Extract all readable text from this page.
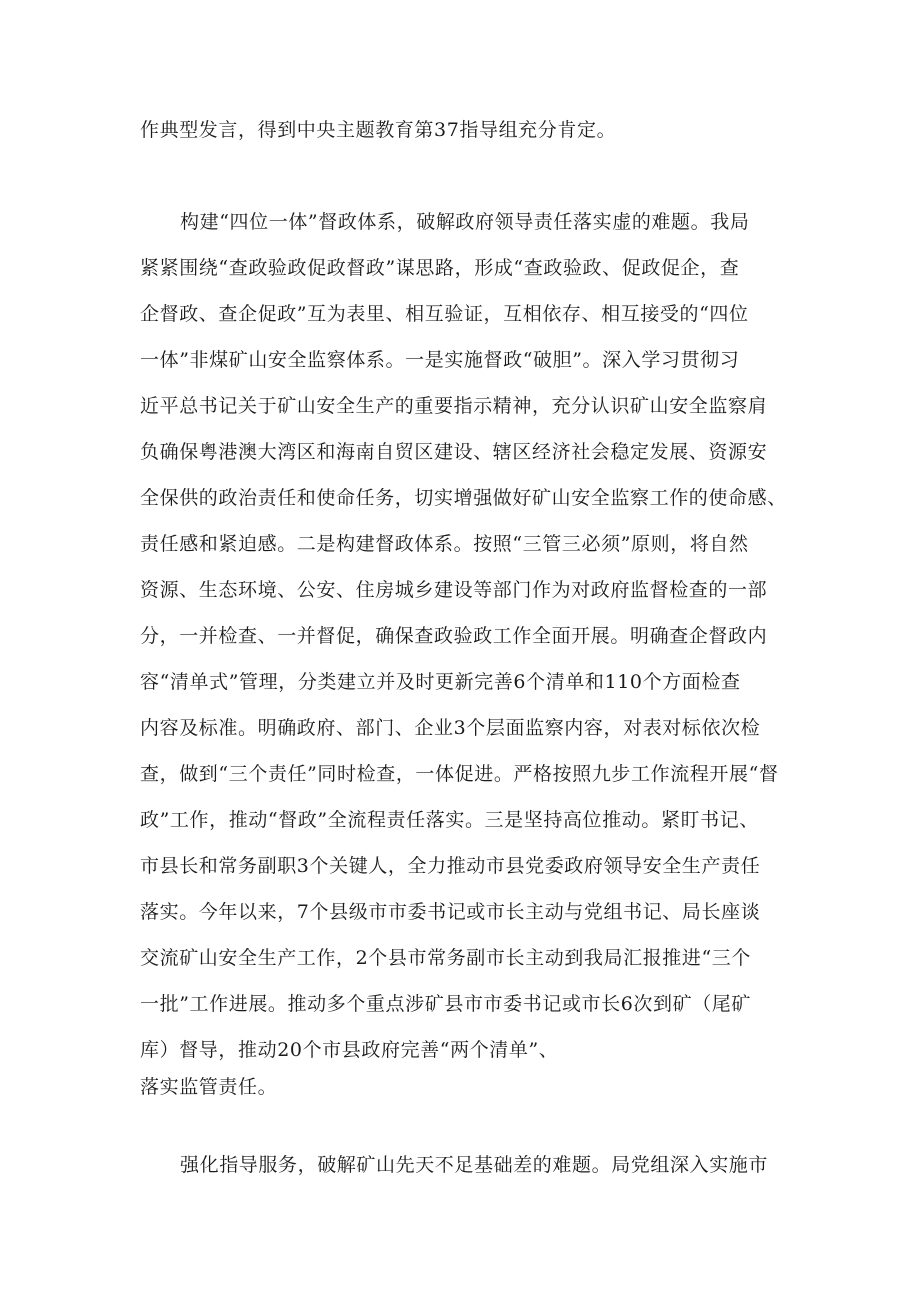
作典型发言，得到中央主题教育第37指导组充分肯定。
构建“四位一体”督政体系，破解政府领导责任落实虚的难题。我局
紧紧围绕“查政验政促政督政”谋思路，形成“查政验政、促政促企，查
企督政、查企促政”互为表里、相互验证，互相依存、相互接受的“四位
一体”非煤矿山安全监察体系。一是实施督政“破胆”。深入学习贯彻习
近平总书记关于矿山安全生产的重要指示精神，充分认识矿山安全监察肩
负确保粤港澳大湾区和海南自贸区建设、辖区经济社会稳定发展、资源安
全保供的政治责任和使命任务，切实增强做好矿山安全监察工作的使命感、
责任感和紧迫感。二是构建督政体系。按照“三管三必须”原则，将自然
资源、生态环境、公安、住房城乡建设等部门作为对政府监督检查的一部
分，一并检查、一并督促，确保查政验政工作全面开展。明确查企督政内
容“清单式”管理，分类建立并及时更新完善6个清单和110个方面检查
内容及标准。明确政府、部门、企业3个层面监察内容，对表对标依次检
查，做到“三个责任”同时检查，一体促进。严格按照九步工作流程开展“督
政”工作，推动“督政”全流程责任落实。三是坚持高位推动。紧盯书记、
市县长和常务副职3个关键人，全力推动市县党委政府领导安全生产责任
落实。今年以来，7个县级市市委书记或市长主动与党组书记、局长座谈
交流矿山安全生产工作，2个县市常务副市长主动到我局汇报推进“三个
一批”工作进展。推动多个重点涉矿县市市委书记或市长6次到矿（尾矿
库）督导，推动20个市县政府完善“两个清单”、
落实监管责任。
强化指导服务，破解矿山先天不足基础差的难题。局党组深入实施市
